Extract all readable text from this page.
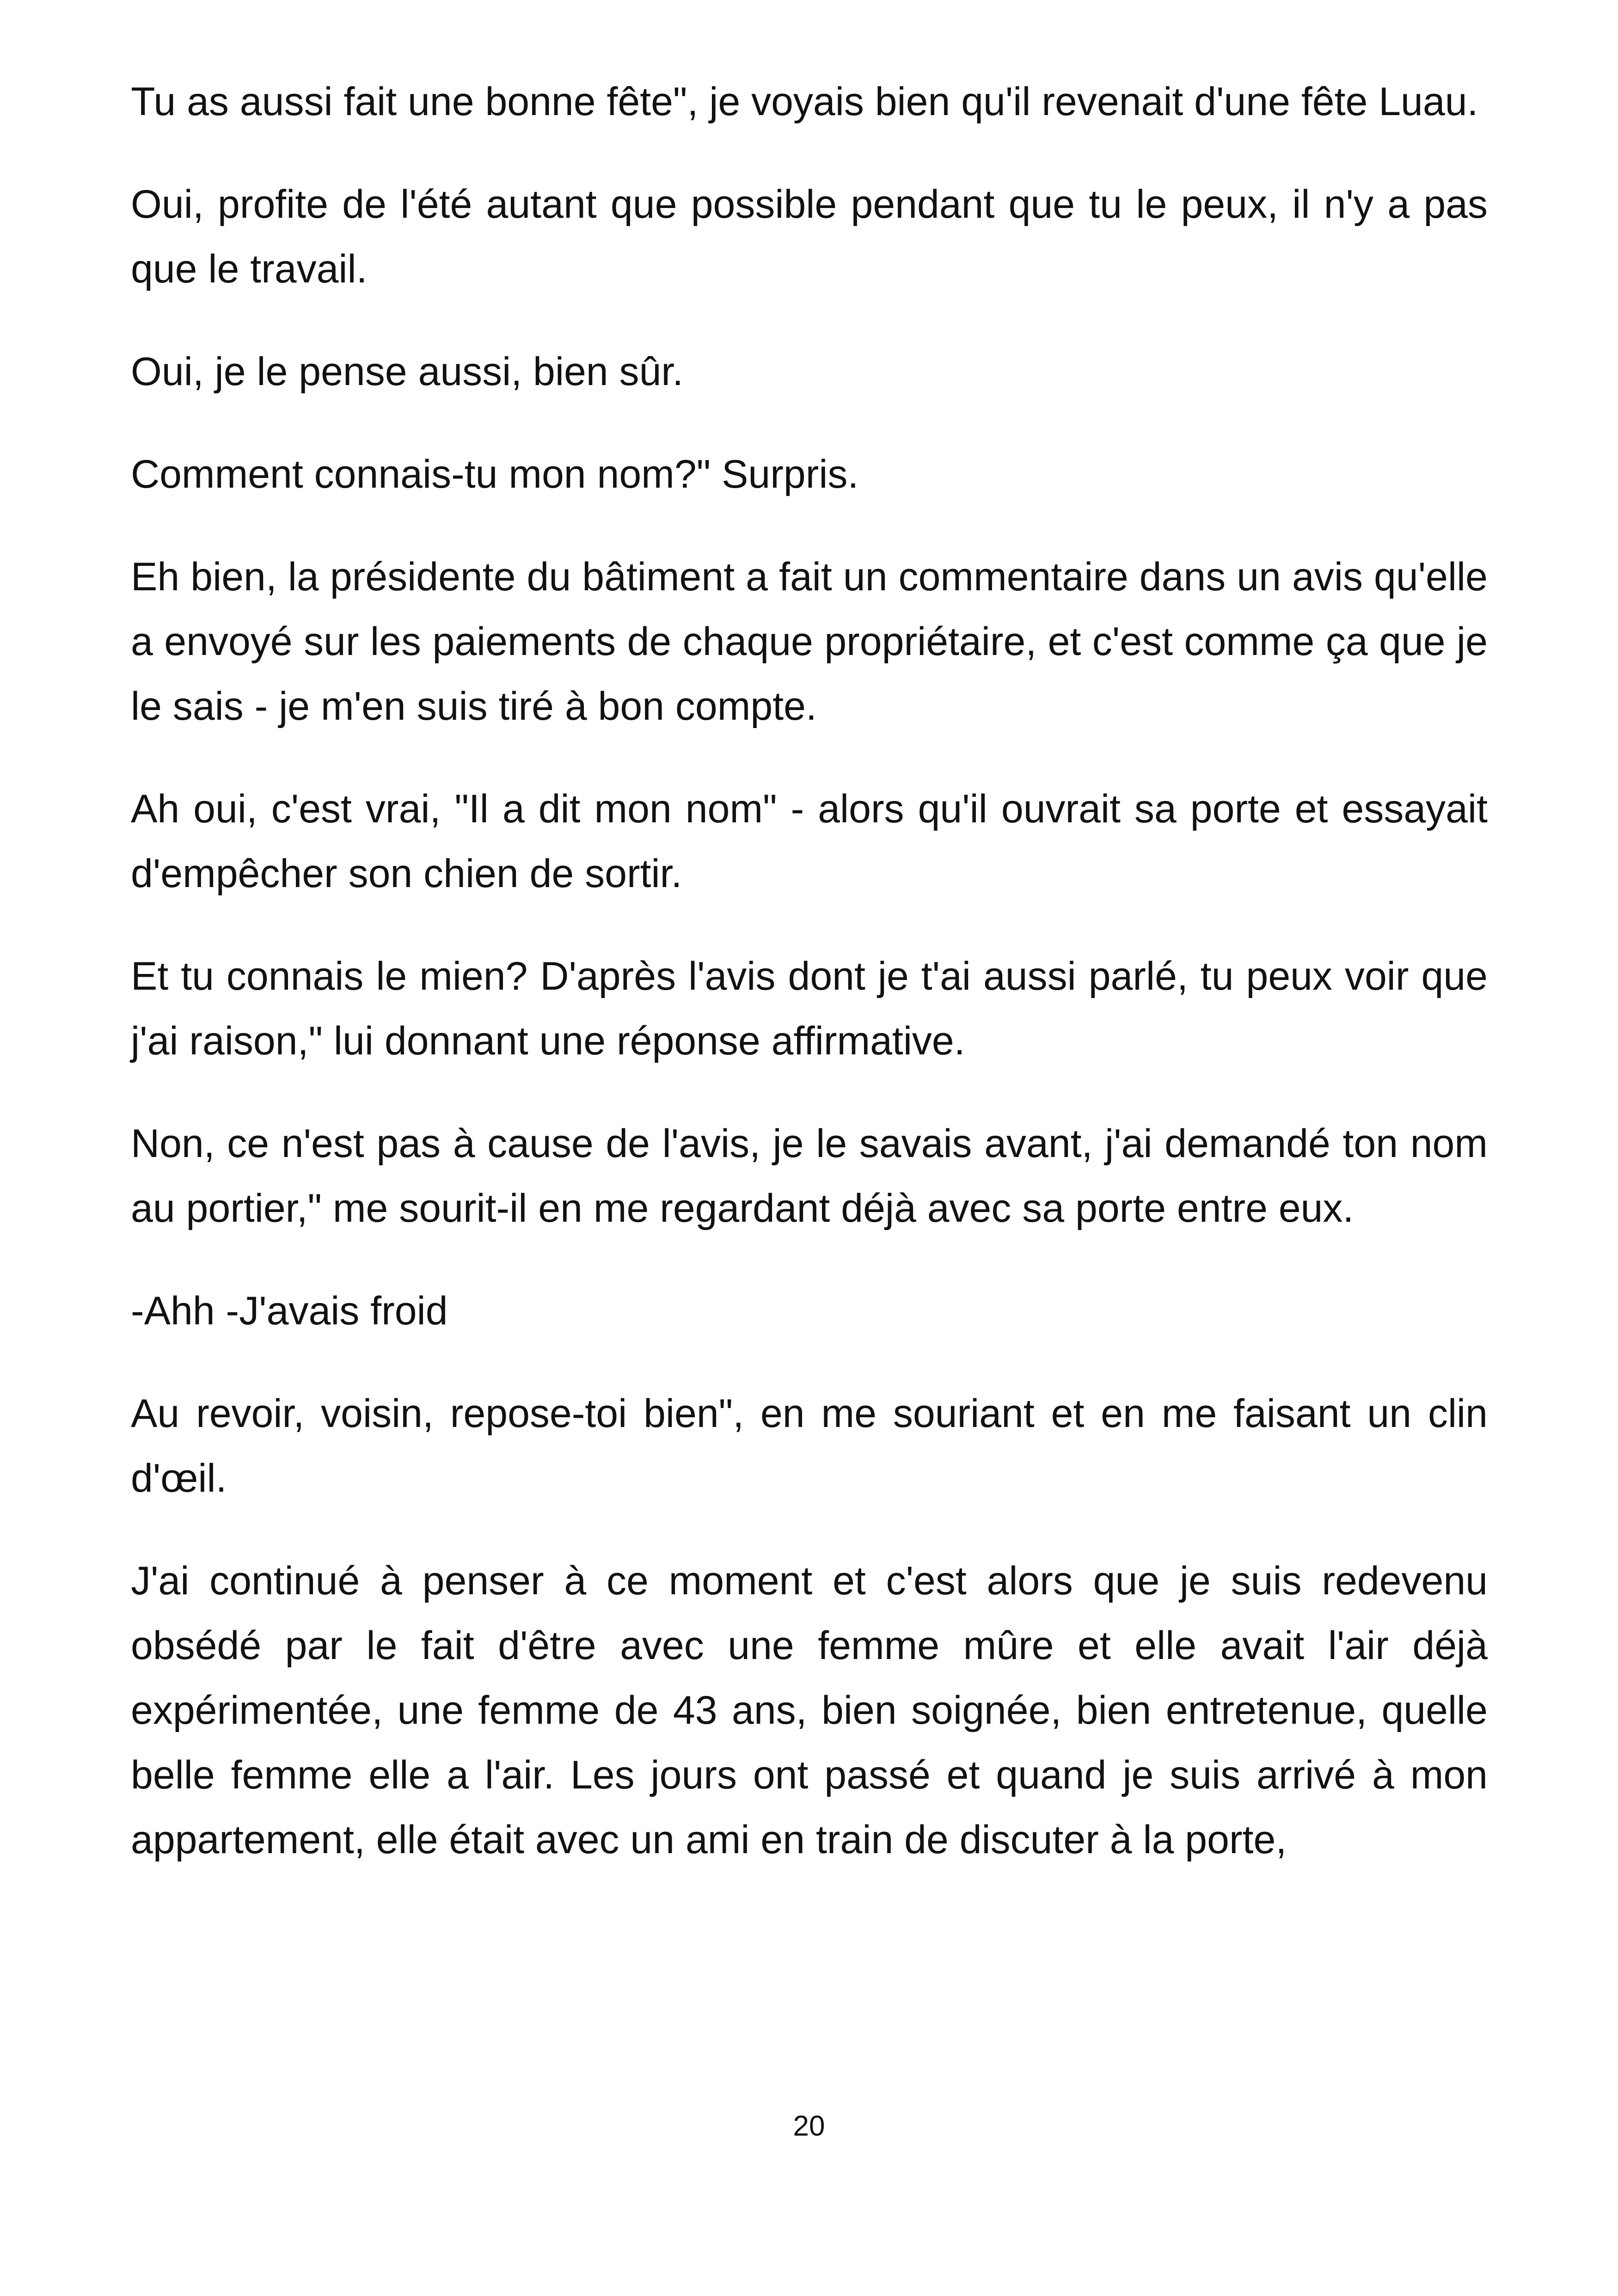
Tu as aussi fait une bonne fête", je voyais bien qu'il revenait d'une fête Luau.

Oui, profite de l'été autant que possible pendant que tu le peux, il n'y a pas que le travail.

Oui, je le pense aussi, bien sûr.

Comment connais-tu mon nom?" Surpris.

Eh bien, la présidente du bâtiment a fait un commentaire dans un avis qu'elle a envoyé sur les paiements de chaque propriétaire, et c'est comme ça que je le sais - je m'en suis tiré à bon compte.

Ah oui, c'est vrai, "Il a dit mon nom" - alors qu'il ouvrait sa porte et essayait d'empêcher son chien de sortir.

Et tu connais le mien? D'après l'avis dont je t'ai aussi parlé, tu peux voir que j'ai raison," lui donnant une réponse affirmative.

Non, ce n'est pas à cause de l'avis, je le savais avant, j'ai demandé ton nom au portier," me sourit-il en me regardant déjà avec sa porte entre eux.

-Ahh -J'avais froid

Au revoir, voisin, repose-toi bien", en me souriant et en me faisant un clin d'œil.

J'ai continué à penser à ce moment et c'est alors que je suis redevenu obsédé par le fait d'être avec une femme mûre et elle avait l'air déjà expérimentée, une femme de 43 ans, bien soignée, bien entretenue, quelle belle femme elle a l'air. Les jours ont passé et quand je suis arrivé à mon appartement, elle était avec un ami en train de discuter à la porte,

20
